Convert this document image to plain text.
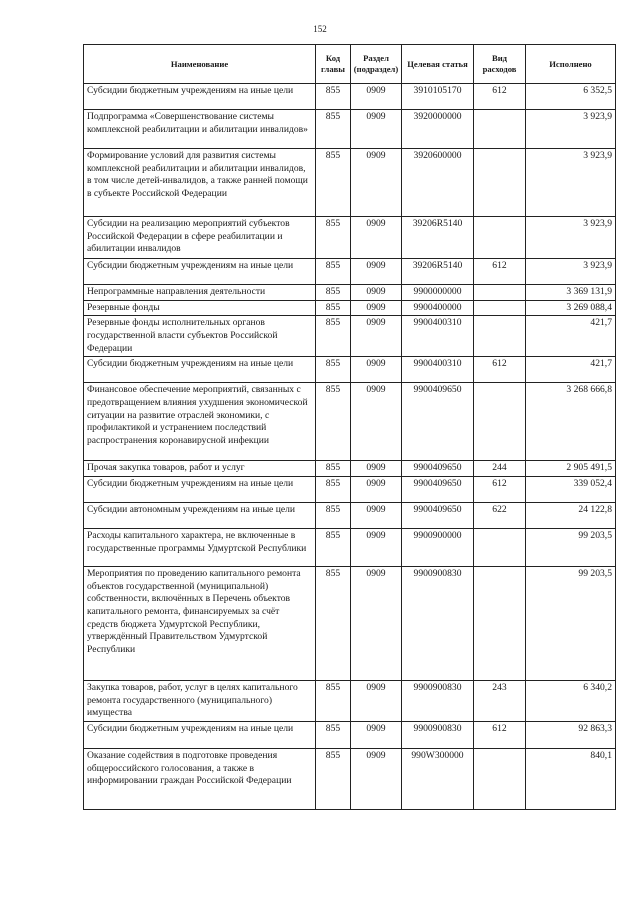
152
Наименование	Код главы	Раздел (подраздел)	Целевая статья	Вид расходов	Исполнено
Субсидии бюджетным учреждениям на иные цели	855	0909	3910105170	612	6 352,5
Подпрограмма «Совершенствование системы комплексной реабилитации и абилитации инвалидов»	855	0909	3920000000		3 923,9
Формирование условий для развития системы комплексной реабилитации и абилитации инвалидов, в том числе детей-инвалидов, а также ранней помощи в субъекте Российской Федерации	855	0909	3920600000		3 923,9
Субсидии на реализацию мероприятий субъектов Российской Федерации в сфере реабилитации и абилитации инвалидов	855	0909	39206R5140		3 923,9
Субсидии бюджетным учреждениям на иные цели	855	0909	39206R5140	612	3 923,9
Непрограммные направления деятельности	855	0909	9900000000		3 369 131,9
Резервные фонды	855	0909	9900400000		3 269 088,4
Резервные фонды исполнительных органов государственной власти субъектов Российской Федерации	855	0909	9900400310		421,7
Субсидии бюджетным учреждениям на иные цели	855	0909	9900400310	612	421,7
Финансовое обеспечение мероприятий, связанных с предотвращением влияния ухудшения экономической ситуации на развитие отраслей экономики, с профилактикой и устранением последствий распространения коронавирусной инфекции	855	0909	9900409650		3 268 666,8
Прочая закупка товаров, работ и услуг	855	0909	9900409650	244	2 905 491,5
Субсидии бюджетным учреждениям на иные цели	855	0909	9900409650	612	339 052,4
Субсидии автономным учреждениям на иные цели	855	0909	9900409650	622	24 122,8
Расходы капитального характера, не включенные в государственные программы Удмуртской Республики	855	0909	9900900000		99 203,5
Мероприятия по проведению капитального ремонта объектов государственной (муниципальной) собственности, включённых в Перечень объектов капитального ремонта, финансируемых за счёт средств бюджета Удмуртской Республики, утверждённый Правительством Удмуртской Республики	855	0909	9900900830		99 203,5
Закупка товаров, работ, услуг в целях капитального ремонта государственного (муниципального) имущества	855	0909	9900900830	243	6 340,2
Субсидии бюджетным учреждениям на иные цели	855	0909	9900900830	612	92 863,3
Оказание содействия в подготовке проведения общероссийского голосования, а также в информировании граждан Российской Федерации	855	0909	990W300000		840,1
